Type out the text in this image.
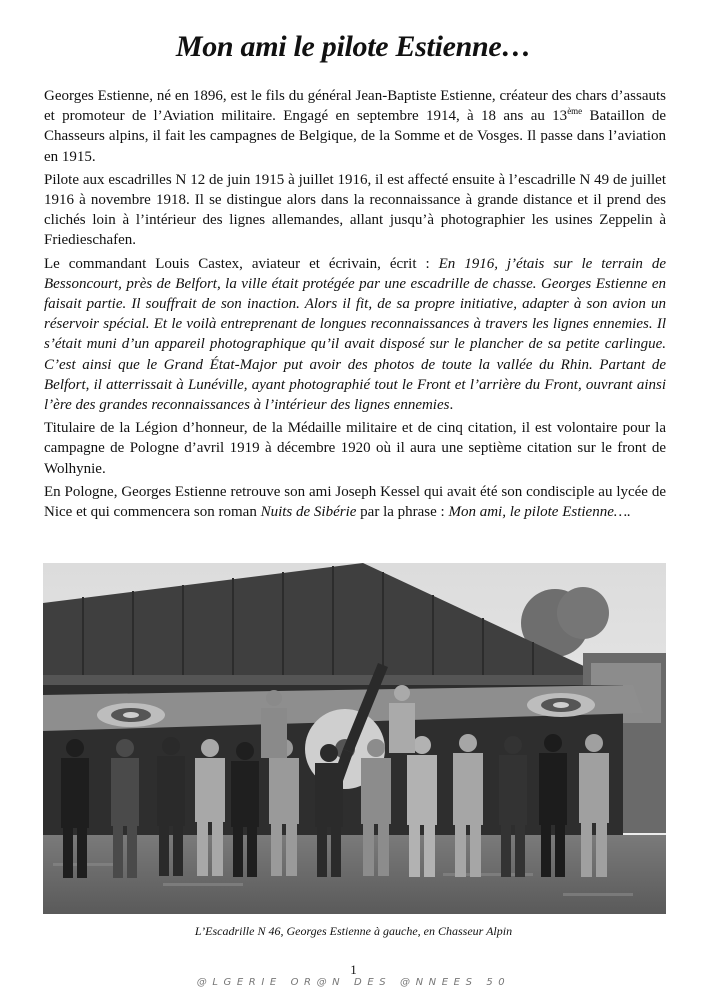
Mon ami le pilote Estienne…

Georges Estienne, né en 1896, est le fils du général Jean-Baptiste Estienne, créateur des chars d’assauts et promoteur de l’Aviation militaire. Engagé en septembre 1914, à 18 ans au 13ème Bataillon de Chasseurs alpins, il fait les campagnes de Belgique, de la Somme et de Vosges. Il passe dans l’aviation en 1915.

Pilote aux escadrilles N 12 de juin 1915 à juillet 1916, il est affecté ensuite à l’escadrille N 49 de juillet 1916 à novembre 1918. Il se distingue alors dans la reconnaissance à grande distance et il prend des clichés loin à l’intérieur des lignes allemandes, allant jusqu’à photographier les usines Zeppelin à Friedieschafen.

Le commandant Louis Castex, aviateur et écrivain, écrit : En 1916, j’étais sur le terrain de Bessoncourt, près de Belfort, la ville était protégée par une escadrille de chasse. Georges Estienne en faisait partie. Il souffrait de son inaction. Alors il fit, de sa propre initiative, adapter à son avion un réservoir spécial. Et le voilà entreprenant de longues reconnaissances à travers les lignes ennemies. Il s’était muni d’un appareil photographique qu’il avait disposé sur le plancher de sa petite carlingue. C’est ainsi que le Grand État-Major put avoir des photos de toute la vallée du Rhin. Partant de Belfort, il atterrissait à Lunéville, ayant photographié tout le Front et l’arrière du Front, ouvrant ainsi l’ère des grandes reconnaissances à l’intérieur des lignes ennemies.

Titulaire de la Légion d’honneur, de la Médaille militaire et de cinq citation, il est volontaire pour la campagne de Pologne d’avril 1919 à décembre 1920 où il aura une septième citation sur le front de Wolhynie.

En Pologne, Georges Estienne retrouve son ami Joseph Kessel qui avait été son condisciple au lycée de Nice et qui commencera son roman Nuits de Sibérie par la phrase : Mon ami, le pilote Estienne….

L’Escadrille N 46, Georges Estienne à gauche, en Chasseur Alpin
1
@LGERIE OR@N DES @NNEES 50
